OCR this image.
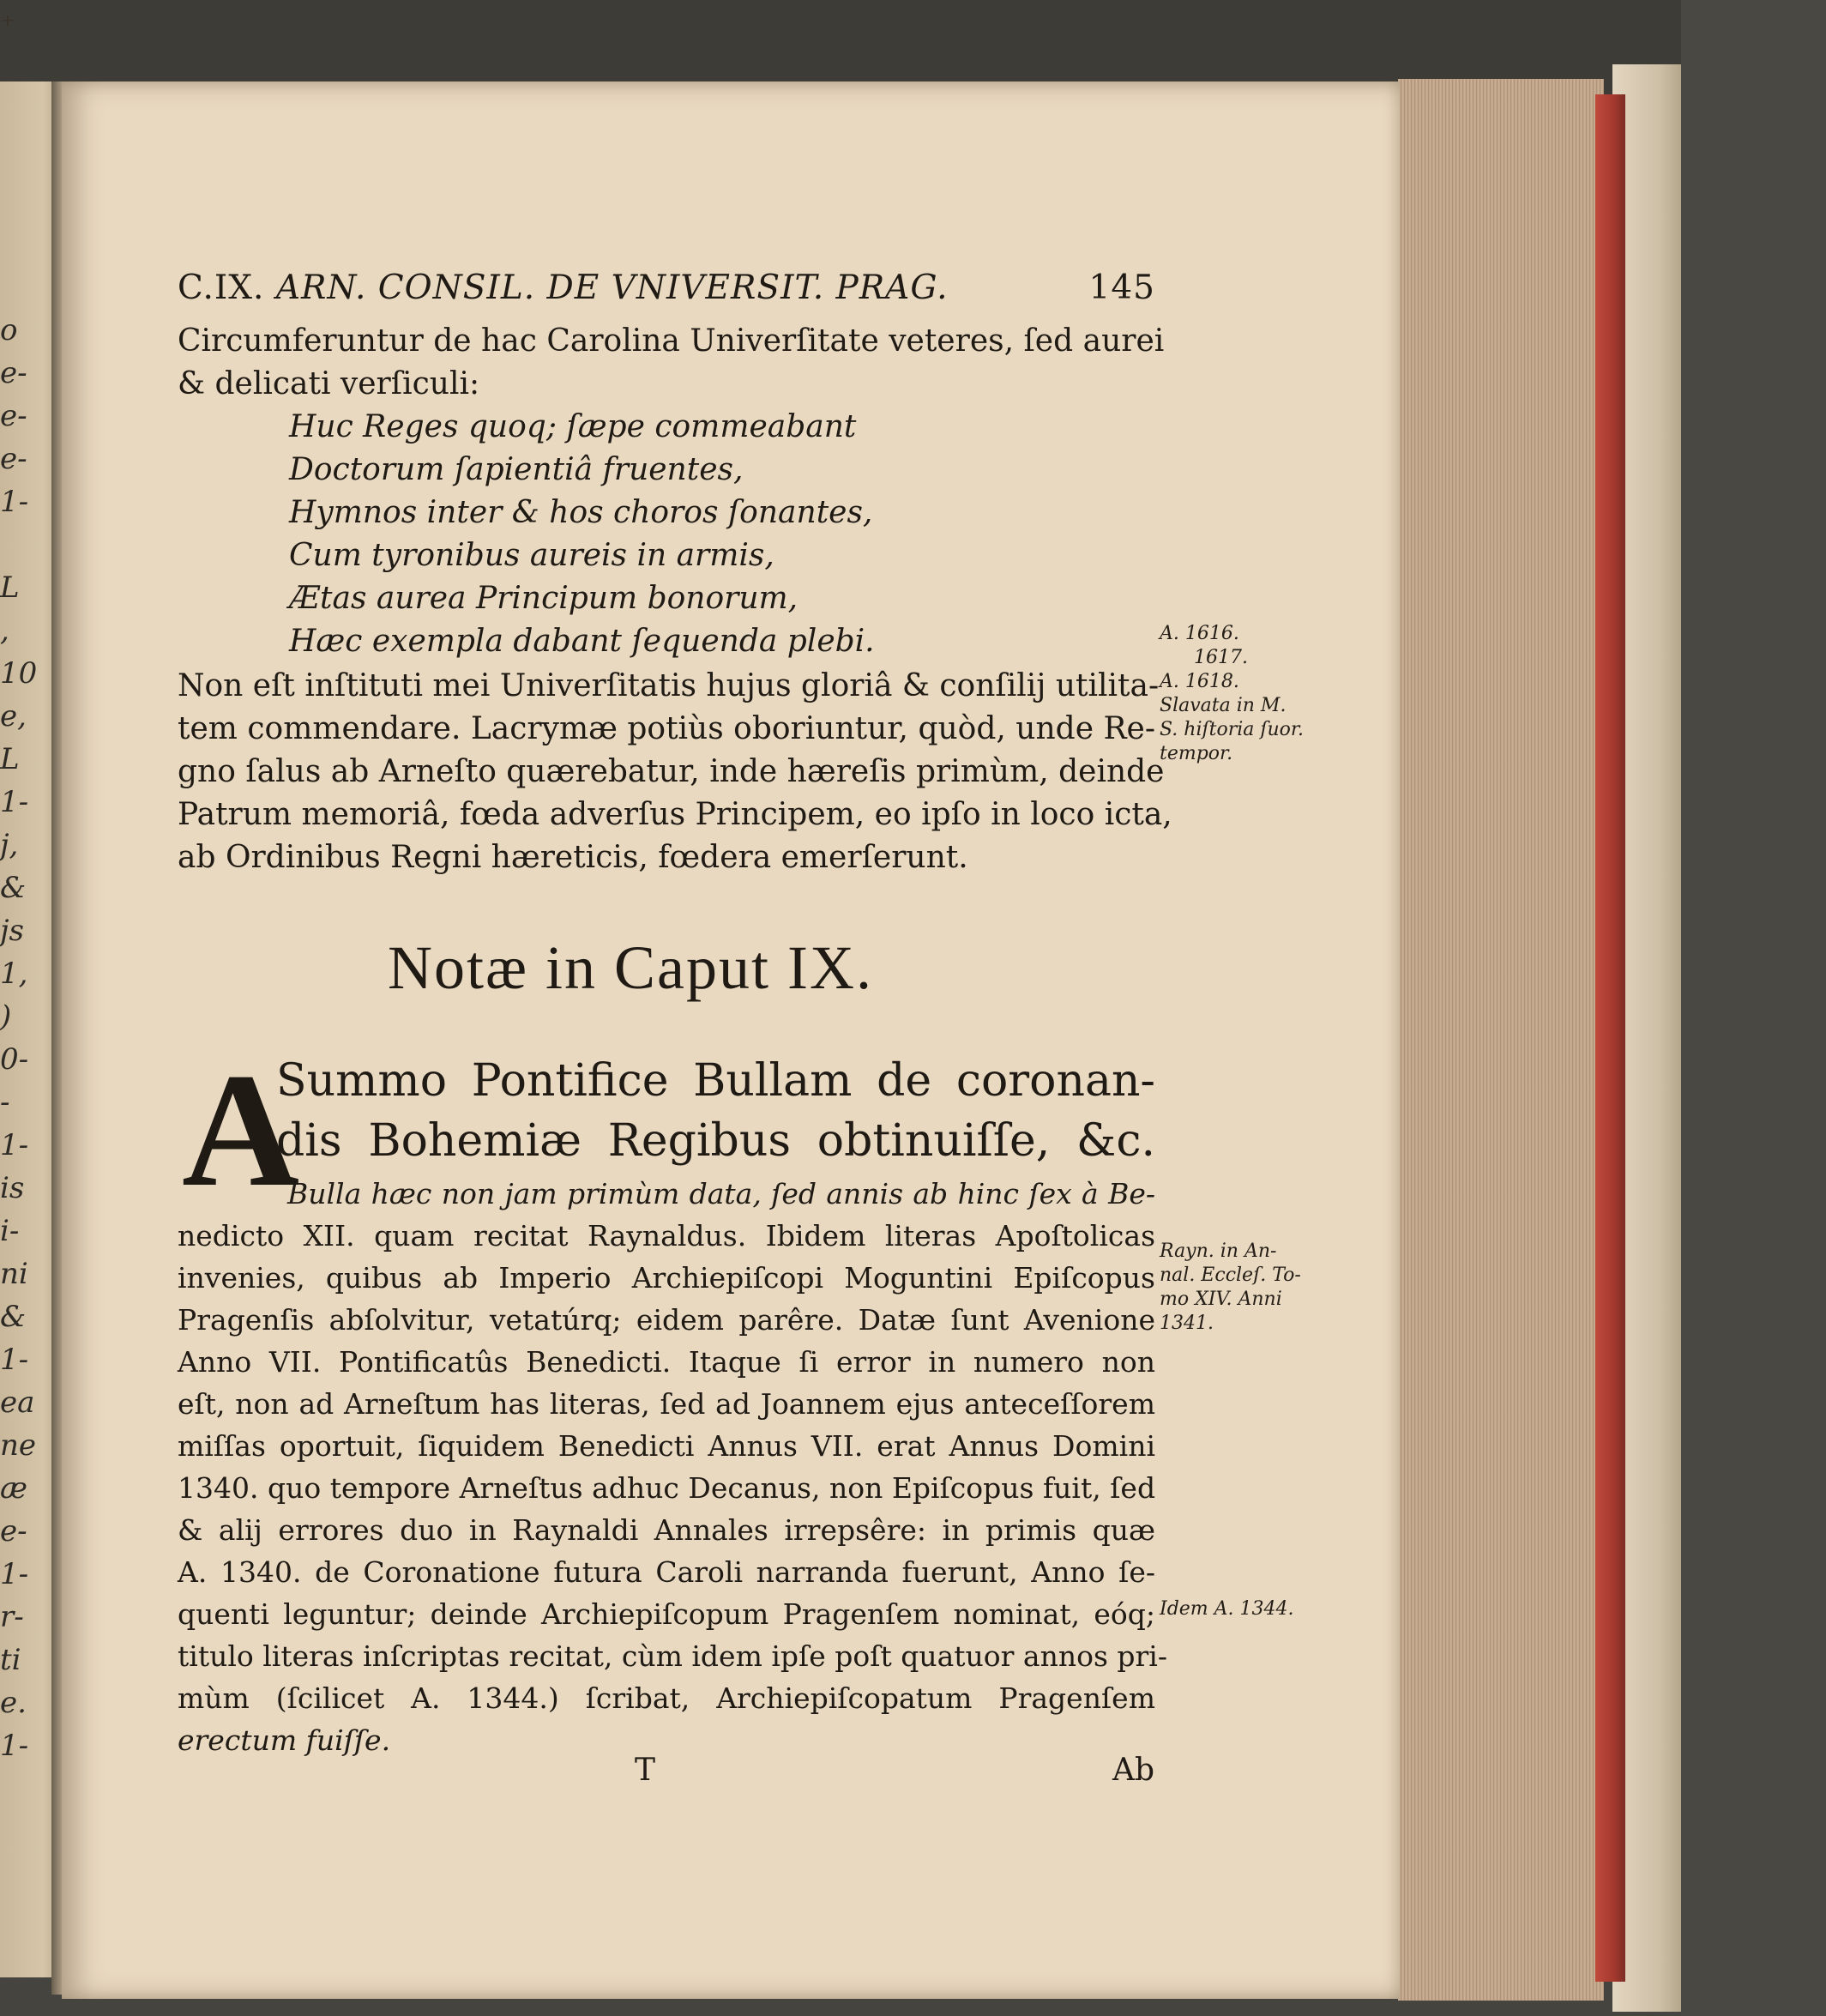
o
e-
e-
e-
1-
L
,
10
e,
L
1-
j,
&
js
1,
)
0-
-
1-
is
i-
ni
&
1-
ea
ne
æ
e-
1-
r-
ti
e.
1-
C.IX. ARN. CONSIL. DE VNIVERSIT. PRAG.	145
Circumferuntur de hac Carolina Univerſitate veteres, ſed aurei
& delicati verſiculi:
Huc Reges quoq; ſæpe commeabant
Doctorum ſapientiâ fruentes,
Hymnos inter & hos choros ſonantes,
Cum tyronibus aureis in armis,
Ætas aurea Principum bonorum,
Hæc exempla dabant ſequenda plebi.
Non eſt inſtituti mei Univerſitatis hujus gloriâ & conſilij utilita-
tem commendare. Lacrymæ potiùs oboriuntur, quòd, unde Re-
gno ſalus ab Arneſto quærebatur, inde hæreſis primùm, deinde
Patrum memoriâ, fœda adverſus Principem, eo ipſo in loco icta,
ab Ordinibus Regni hæreticis, fœdera emerſerunt.
A. 1616.
1617.
A. 1618.
Slavata in M.
S. hiſtoria ſuor.
tempor.
Notæ in Caput IX.
A
Summo Pontifice Bullam de coronan-
dis Bohemiæ Regibus obtinuiſſe, &c.
Bulla hæc non jam primùm data, ſed annis ab hinc ſex à Be-
nedicto XII. quam recitat Raynaldus. Ibidem literas Apoſtolicas
invenies, quibus ab Imperio Archiepiſcopi Moguntini Epiſcopus
Pragenſis abſolvitur, vetatúrq; eidem parêre. Datæ ſunt Avenione
Anno VII. Pontificatûs Benedicti. Itaque ſi error in numero non
eſt, non ad Arneſtum has literas, ſed ad Joannem ejus anteceſſorem
miſſas oportuit, ſiquidem Benedicti Annus VII. erat Annus Domini
1340. quo tempore Arneſtus adhuc Decanus, non Epiſcopus fuit, ſed
& alij errores duo in Raynaldi Annales irrepsêre: in primis quæ
A. 1340. de Coronatione futura Caroli narranda fuerunt, Anno ſe-
quenti leguntur; deinde Archiepiſcopum Pragenſem nominat, eóq;
titulo literas inſcriptas recitat, cùm idem ipſe poſt quatuor annos pri-
mùm (ſcilicet A. 1344.) ſcribat, Archiepiſcopatum Pragenſem
erectum fuiſſe.
Rayn. in An-
nal. Eccleſ. To-
mo XIV. Anni
1341.
Idem A. 1344.
T	Ab
⁺
